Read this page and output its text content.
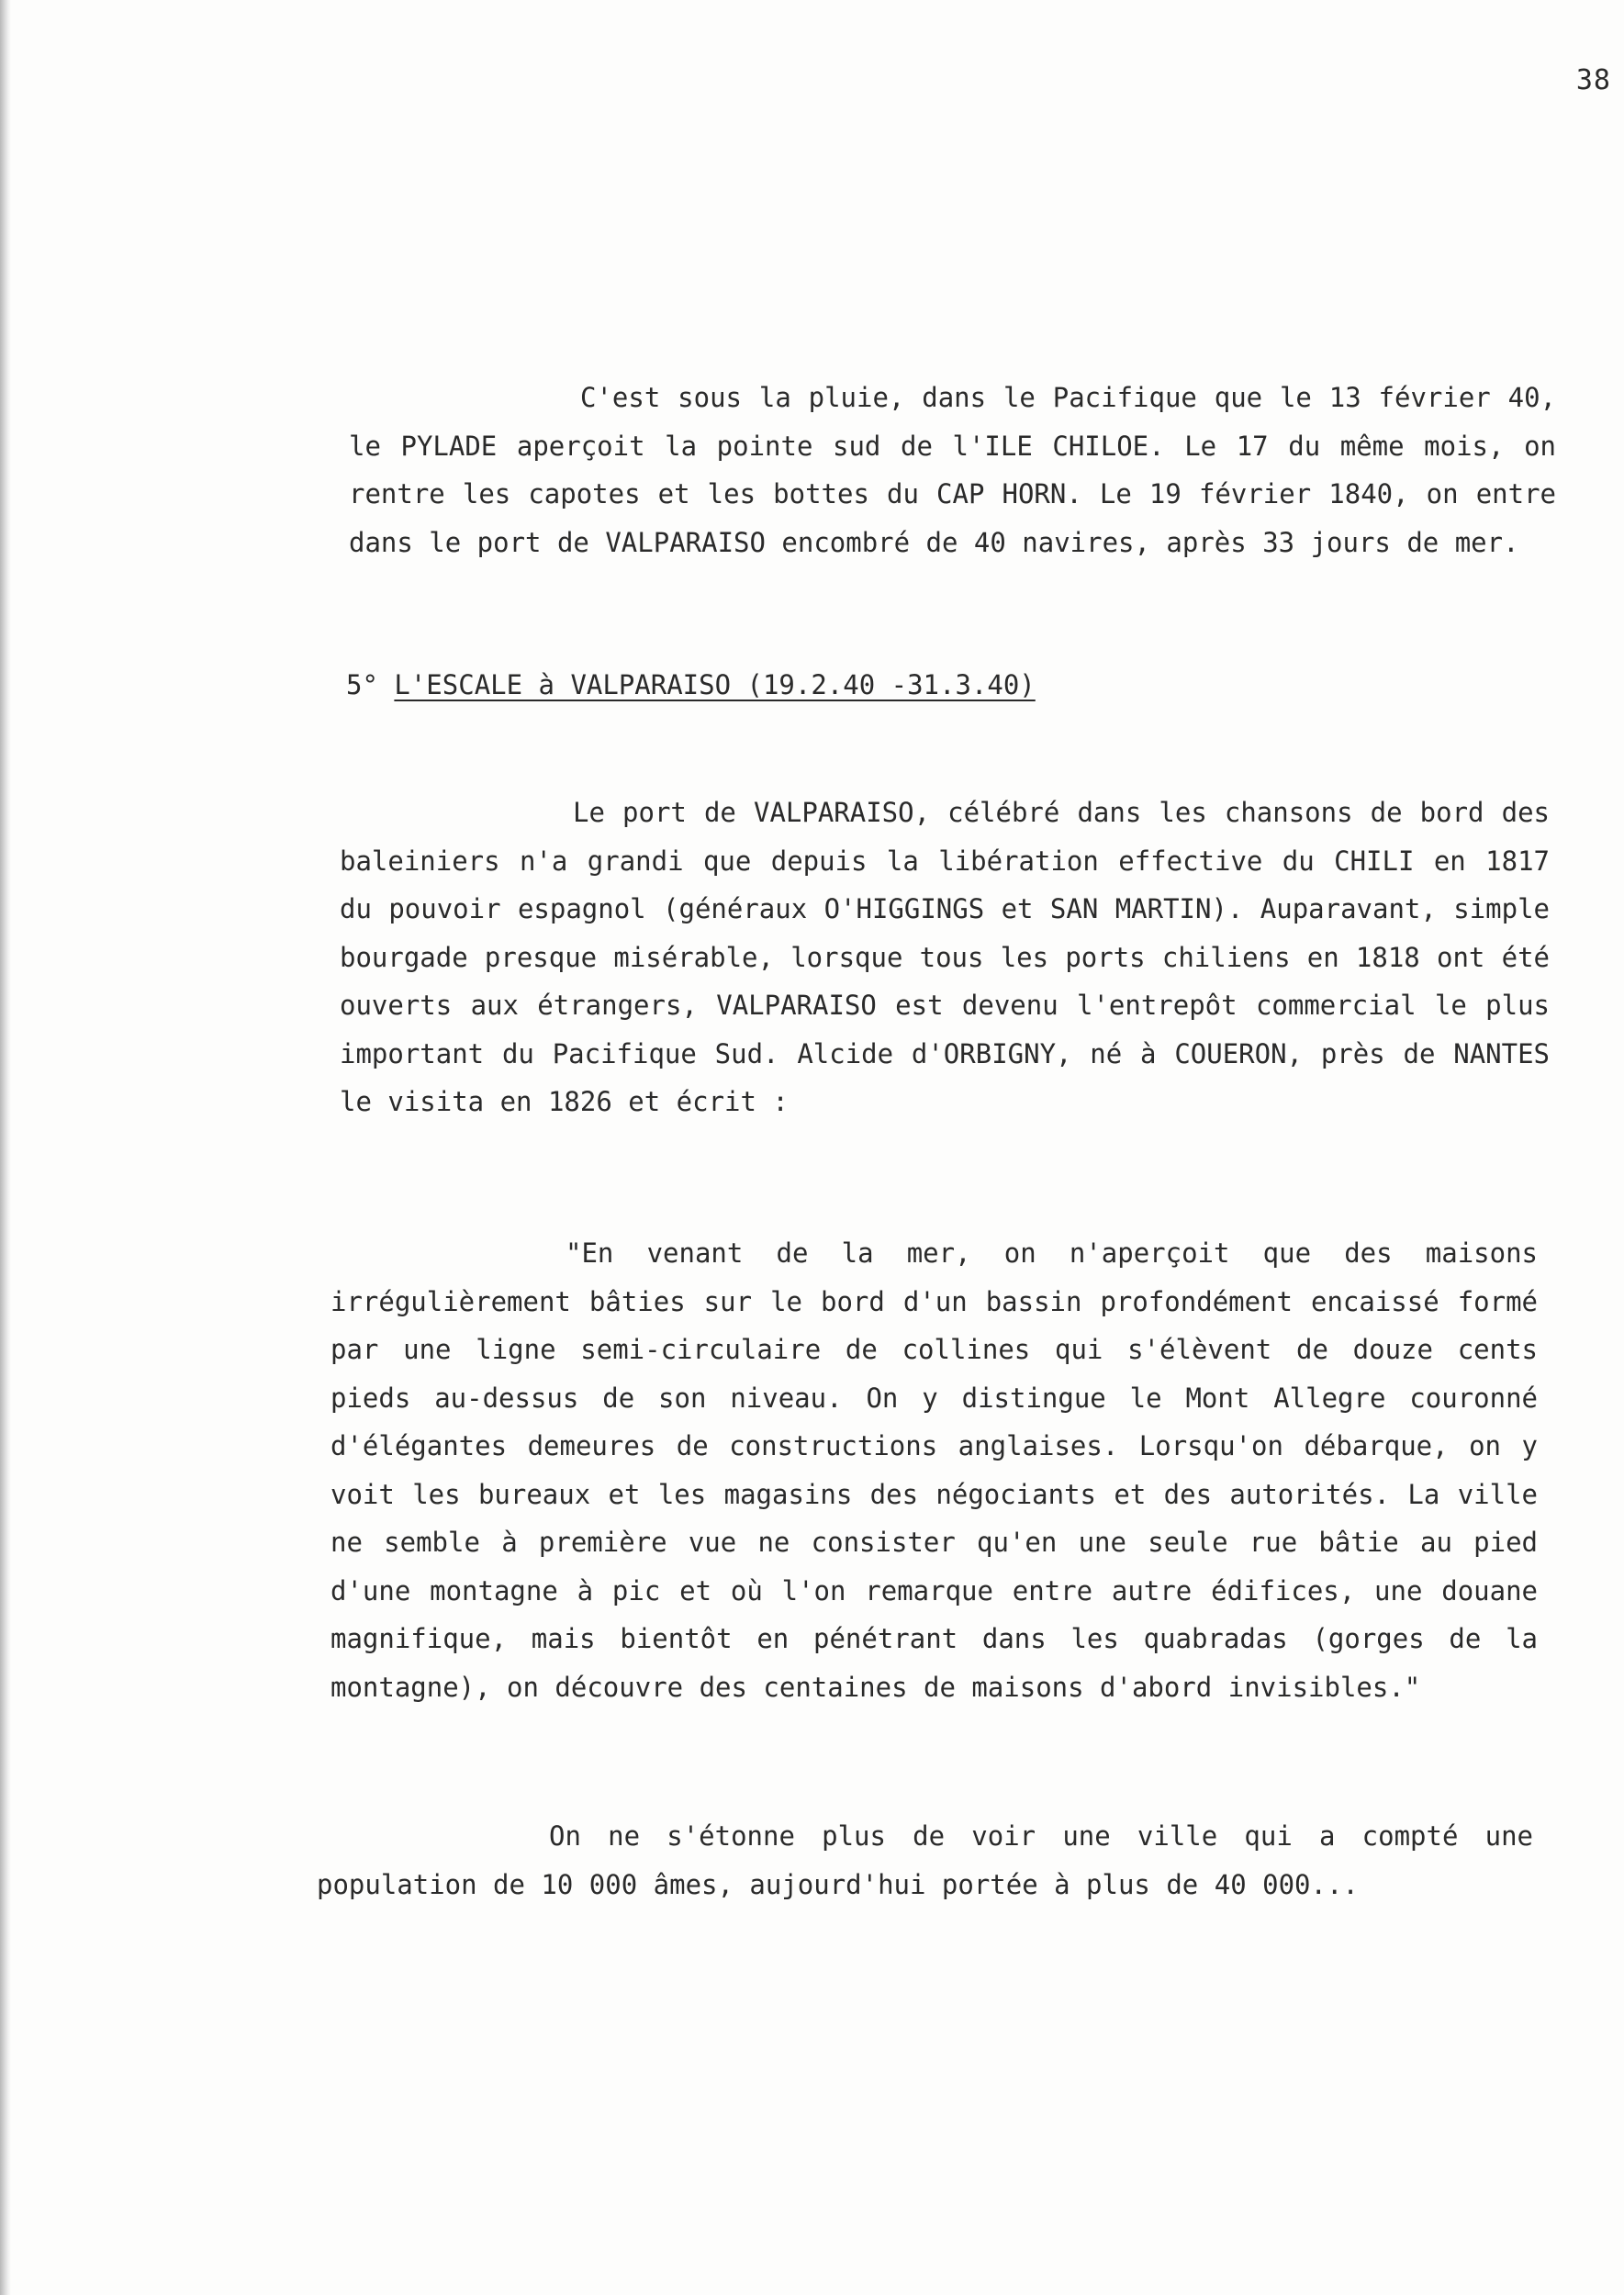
38

C'est sous la pluie, dans le Pacifique que le 13 février 40, le PYLADE aperçoit la pointe sud de l'ILE CHILOE. Le 17 du même mois, on rentre les capotes et les bottes du CAP HORN. Le 19 février 1840, on entre dans le port de VALPARAISO encombré de 40 navires, après 33 jours de mer.

5° L'ESCALE à VALPARAISO (19.2.40 -31.3.40)

Le port de VALPARAISO, célébré dans les chansons de bord des baleiniers n'a grandi que depuis la libération effective du CHILI en 1817 du pouvoir espagnol (généraux O'HIGGINGS et SAN MARTIN). Auparavant, simple bourgade presque misérable, lorsque tous les ports chiliens en 1818 ont été ouverts aux étrangers, VALPARAISO est devenu l'entrepôt commercial le plus important du Pacifique Sud. Alcide d'ORBIGNY, né à COUERON, près de NANTES le visita en 1826 et écrit :

"En venant de la mer, on n'aperçoit que des maisons irrégulièrement bâties sur le bord d'un bassin profondément encaissé formé par une ligne semi-circulaire de collines qui s'élèvent de douze cents pieds au-dessus de son niveau. On y distingue le Mont Allegre couronné d'élégantes demeures de constructions anglaises. Lorsqu'on débarque, on y voit les bureaux et les magasins des négociants et des autorités. La ville ne semble à première vue ne consister qu'en une seule rue bâtie au pied d'une montagne à pic et où l'on remarque entre autre édifices, une douane magnifique, mais bientôt en pénétrant dans les quabradas (gorges de la montagne), on découvre des centaines de maisons d'abord invisibles."

On ne s'étonne plus de voir une ville qui a compté une population de 10 000 âmes, aujourd'hui portée à plus de 40 000...
